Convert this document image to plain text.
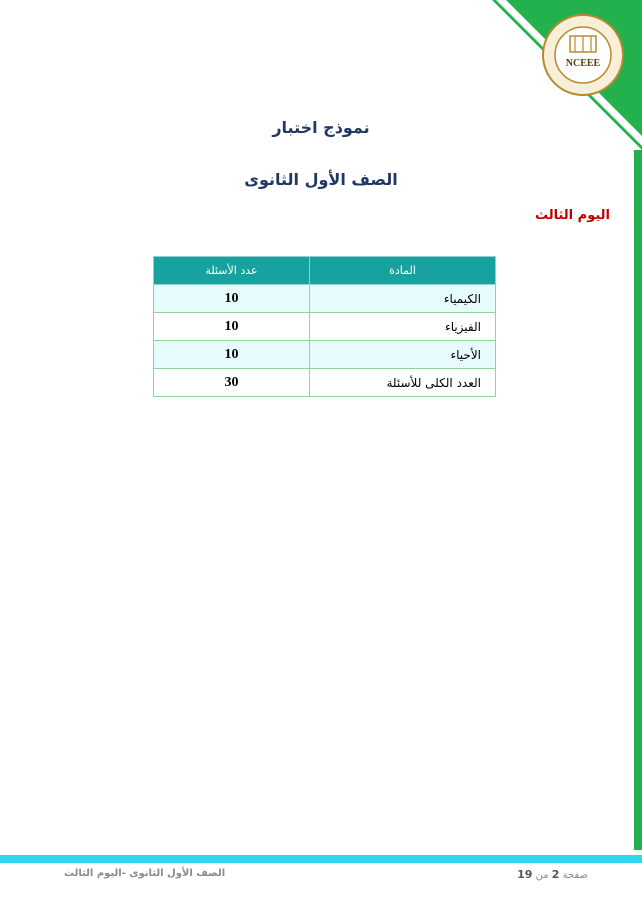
NCEEE
نموذج اختبار
الصف الأول الثانوى
اليوم الثالث
المادة	عدد الأسئلة
الكيمياء	10
الفيزياء	10
الأحياء	10
العدد الكلى للأسئلة	30
الصف الأول الثانوى -اليوم الثالث	صفحة 2 من 19
